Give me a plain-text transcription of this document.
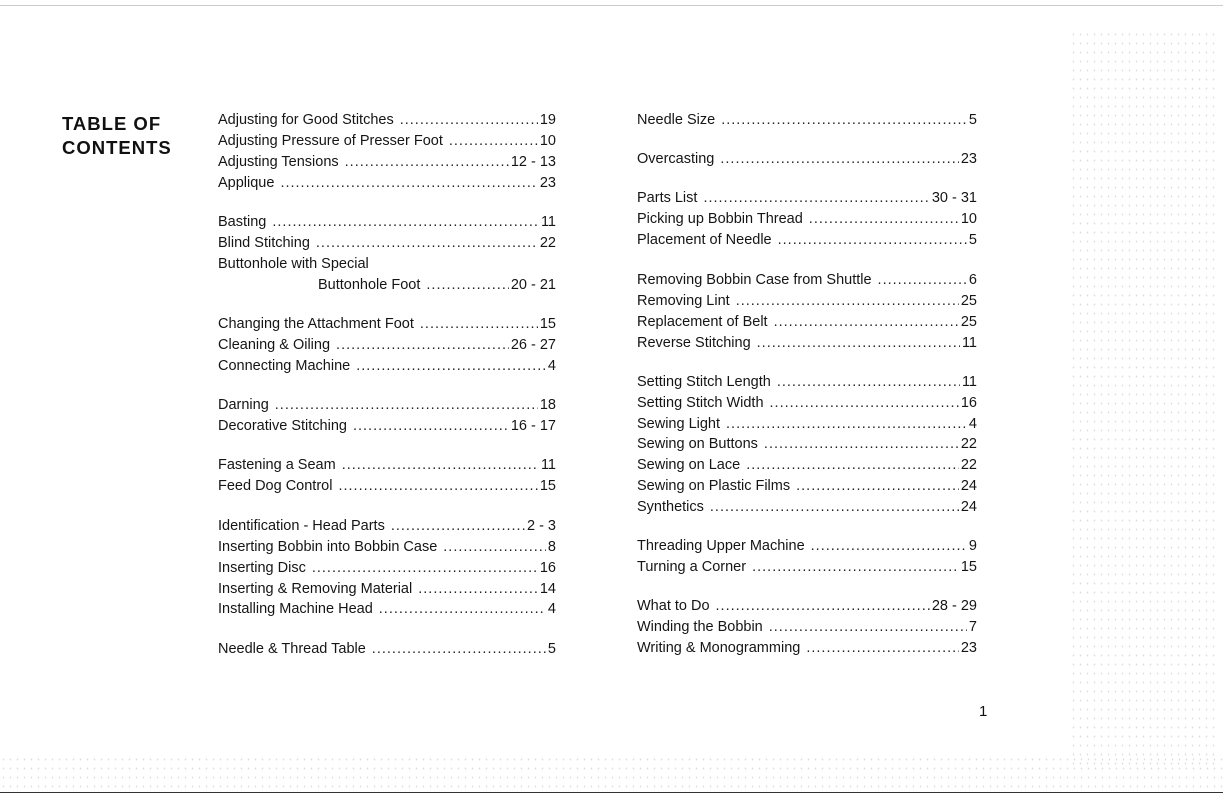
TABLE OF
CONTENTS
Adjusting for Good Stitches .....	19
Adjusting Pressure of Presser Foot .....	10
Adjusting Tensions .....	12 - 13
Applique .....	23
Basting .....	11
Blind Stitching .....	22
Buttonhole with Special
Buttonhole Foot .....	20 - 21
Changing the Attachment Foot .....	15
Cleaning & Oiling .....	26 - 27
Connecting Machine .....	4
Darning .....	18
Decorative Stitching .....	16 - 17
Fastening a Seam .....	11
Feed Dog Control .....	15
Identification - Head Parts .....	2 - 3
Inserting Bobbin into Bobbin Case .....	8
Inserting Disc .....	16
Inserting & Removing Material .....	14
Installing Machine Head .....	4
Needle & Thread Table .....	5
Needle Size .....	5
Overcasting .....	23
Parts List .....	30 - 31
Picking up Bobbin Thread .....	10
Placement of Needle .....	5
Removing Bobbin Case from Shuttle .....	6
Removing Lint .....	25
Replacement of Belt .....	25
Reverse Stitching .....	11
Setting Stitch Length .....	11
Setting Stitch Width .....	16
Sewing Light .....	4
Sewing on Buttons .....	22
Sewing on Lace .....	22
Sewing on Plastic Films .....	24
Synthetics .....	24
Threading Upper Machine .....	9
Turning a Corner .....	15
What to Do .....	28 - 29
Winding the Bobbin .....	7
Writing & Monogramming .....	23
1
